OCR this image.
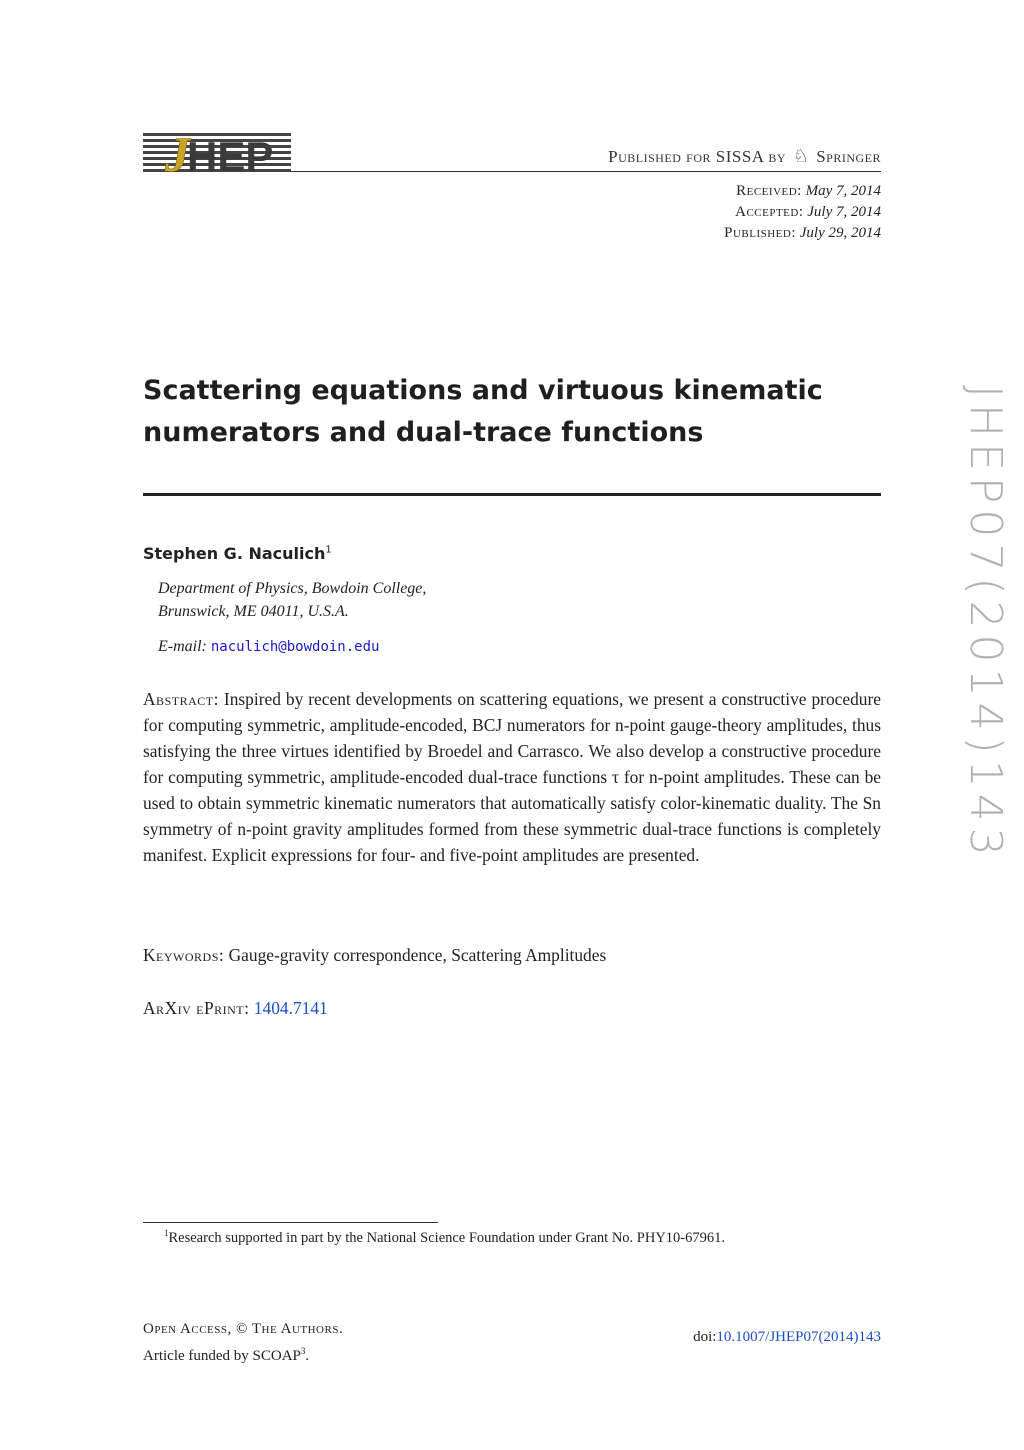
J
HEP	Published for SISSA by ♘ Springer
Received: May 7, 2014
Accepted: July 7, 2014
Published: July 29, 2014
Scattering equations and virtuous kinematic
numerators and dual-trace functions
Stephen G. Naculich$^1$
Department of Physics, Bowdoin College,
Brunswick, ME 04011, U.S.A.
E-mail: naculich@bowdoin.edu
Abstract: Inspired by recent developments on scattering equations, we present a constructive procedure for computing symmetric, amplitude-encoded, BCJ numerators for n-point gauge-theory amplitudes, thus satisfying the three virtues identified by Broedel and Carrasco. We also develop a constructive procedure for computing symmetric, amplitude-encoded dual-trace functions τ for n-point amplitudes. These can be used to obtain symmetric kinematic numerators that automatically satisfy color-kinematic duality. The Sn symmetry of n-point gravity amplitudes formed from these symmetric dual-trace functions is completely manifest. Explicit expressions for four- and five-point amplitudes are presented.
Keywords: Gauge-gravity correspondence, Scattering Amplitudes
ArXiv ePrint: 1404.7141
$^1$Research supported in part by the National Science Foundation under Grant No. PHY10-67961.
Open Access, © The Authors.
Article funded by SCOAP$^3$.
doi:10.1007/JHEP07(2014)143
JHEP07(2014)143
